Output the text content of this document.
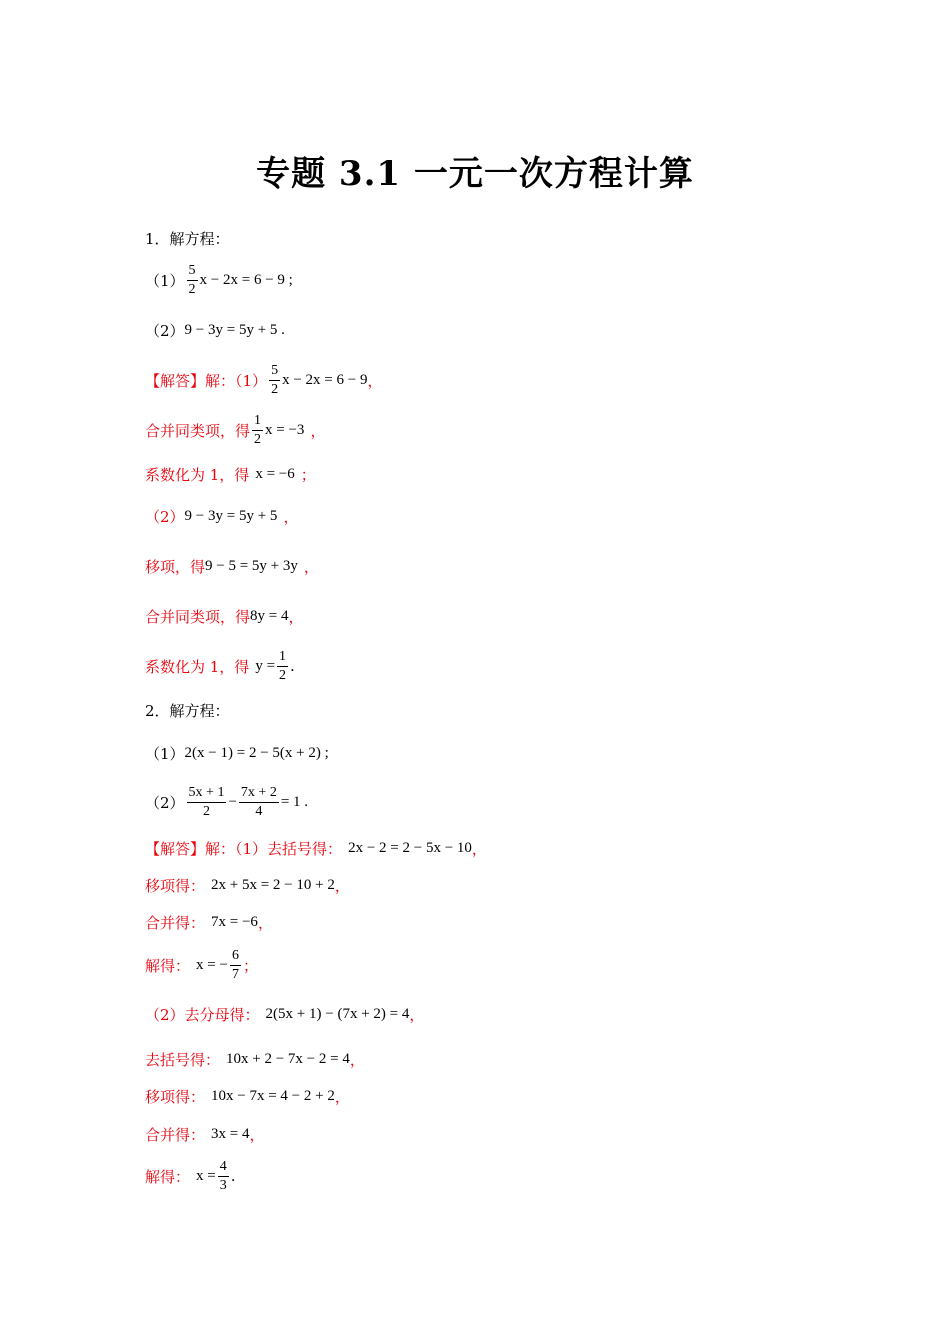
专题 3.1 一元一次方程计算
1．解方程：
$(1) \frac{5}{2}$ x − 2x = 6 − 9 ;
（2） 9 − 3y = 5y + 5 .
【解答】 解：$(1) \frac{5}{2}$ x − 2x = 6 − 9 ，
合并同类项，得 $\frac{1}{2}$ x = −3 ，
系数化为 1，得 x = −6 ；
（2） 9 − 3y = 5y + 5 ，
移项，得 9 − 5 = 5y + 3y ，
合并同类项，得 8y = 4 ，
系数化为 1，得 $y = \frac{1}{2}$ .
2．解方程：
（1） 2(x − 1) = 2 − 5(x + 2) ;
$(2) \frac{5x + 1}{2} - \frac{7x + 2}{4} = 1$ .
【解答】 解：（1）去括号得： 2x − 2 = 2 − 5x − 10 ，
移项得： 2x + 5x = 2 − 10 + 2 ，
合并得： 7x = −6 ，
解得： x = − $\frac{6}{7}$ ；
（2）去分母得： 2(5x + 1) − (7x + 2) = 4 ，
去括号得： 10x + 2 − 7x − 2 = 4 ，
移项得： 10x − 7x = 4 − 2 + 2 ，
合并得： 3x = 4 ，
解得： $x = \frac{4}{3}$ .
